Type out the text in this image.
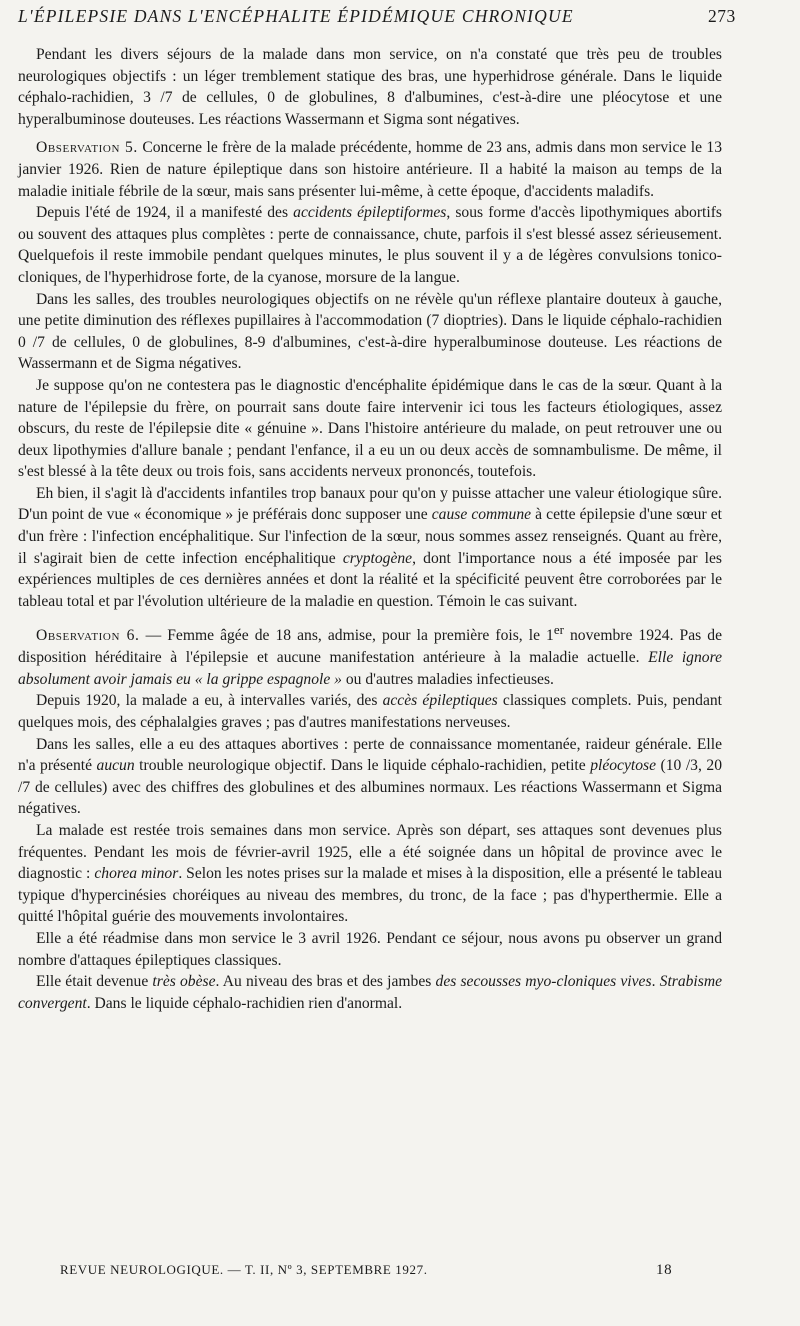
L'ÉPILEPSIE DANS L'ENCÉPHALITE ÉPIDÉMIQUE CHRONIQUE	273

Pendant les divers séjours de la malade dans mon service, on n'a constaté que très peu de troubles neurologiques objectifs : un léger tremblement statique des bras, une hyperhidrose générale. Dans le liquide céphalo-rachidien, 3 /7 de cellules, 0 de globulines, 8 d'albumines, c'est-à-dire une pléocytose et une hyperalbuminose douteuses. Les réactions Wassermann et Sigma sont négatives.

Observation 5. Concerne le frère de la malade précédente, homme de 23 ans, admis dans mon service le 13 janvier 1926. Rien de nature épileptique dans son histoire antérieure. Il a habité la maison au temps de la maladie initiale fébrile de la sœur, mais sans présenter lui-même, à cette époque, d'accidents maladifs.

Depuis l'été de 1924, il a manifesté des accidents épileptiformes, sous forme d'accès lipothymiques abortifs ou souvent des attaques plus complètes : perte de connaissance, chute, parfois il s'est blessé assez sérieusement. Quelquefois il reste immobile pendant quelques minutes, le plus souvent il y a de légères convulsions tonico-cloniques, de l'hyperhidrose forte, de la cyanose, morsure de la langue.

Dans les salles, des troubles neurologiques objectifs on ne révèle qu'un réflexe plantaire douteux à gauche, une petite diminution des réflexes pupillaires à l'accommodation (7 dioptries). Dans le liquide céphalo-rachidien 0 /7 de cellules, 0 de globulines, 8-9 d'albumines, c'est-à-dire hyperalbuminose douteuse. Les réactions de Wassermann et de Sigma négatives.

Je suppose qu'on ne contestera pas le diagnostic d'encéphalite épidémique dans le cas de la sœur. Quant à la nature de l'épilepsie du frère, on pourrait sans doute faire intervenir ici tous les facteurs étiologiques, assez obscurs, du reste de l'épilepsie dite « génuine ». Dans l'histoire antérieure du malade, on peut retrouver une ou deux lipothymies d'allure banale ; pendant l'enfance, il a eu un ou deux accès de somnambulisme. De même, il s'est blessé à la tête deux ou trois fois, sans accidents nerveux prononcés, toutefois.

Eh bien, il s'agit là d'accidents infantiles trop banaux pour qu'on y puisse attacher une valeur étiologique sûre. D'un point de vue « économique » je préférais donc supposer une cause commune à cette épilepsie d'une sœur et d'un frère : l'infection encéphalitique. Sur l'infection de la sœur, nous sommes assez renseignés. Quant au frère, il s'agirait bien de cette infection encéphalitique cryptogène, dont l'importance nous a été imposée par les expériences multiples de ces dernières années et dont la réalité et la spécificité peuvent être corroborées par le tableau total et par l'évolution ultérieure de la maladie en question. Témoin le cas suivant.

Observation 6. — Femme âgée de 18 ans, admise, pour la première fois, le 1er novembre 1924. Pas de disposition héréditaire à l'épilepsie et aucune manifestation antérieure à la maladie actuelle. Elle ignore absolument avoir jamais eu « la grippe espagnole » ou d'autres maladies infectieuses.

Depuis 1920, la malade a eu, à intervalles variés, des accès épileptiques classiques complets. Puis, pendant quelques mois, des céphalalgies graves ; pas d'autres manifestations nerveuses.

Dans les salles, elle a eu des attaques abortives : perte de connaissance momentanée, raideur générale. Elle n'a présenté aucun trouble neurologique objectif. Dans le liquide céphalo-rachidien, petite pléocytose (10 /3, 20 /7 de cellules) avec des chiffres des globulines et des albumines normaux. Les réactions Wassermann et Sigma négatives.

La malade est restée trois semaines dans mon service. Après son départ, ses attaques sont devenues plus fréquentes. Pendant les mois de février-avril 1925, elle a été soignée dans un hôpital de province avec le diagnostic : chorea minor. Selon les notes prises sur la malade et mises à la disposition, elle a présenté le tableau typique d'hypercinésies choréiques au niveau des membres, du tronc, de la face ; pas d'hyperthermie. Elle a quitté l'hôpital guérie des mouvements involontaires.

Elle a été réadmise dans mon service le 3 avril 1926. Pendant ce séjour, nous avons pu observer un grand nombre d'attaques épileptiques classiques.

Elle était devenue très obèse. Au niveau des bras et des jambes des secousses myo-cloniques vives. Strabisme convergent. Dans le liquide céphalo-rachidien rien d'anormal.

REVUE NEUROLOGIQUE. — T. II, Nº 3, SEPTEMBRE 1927.	18
